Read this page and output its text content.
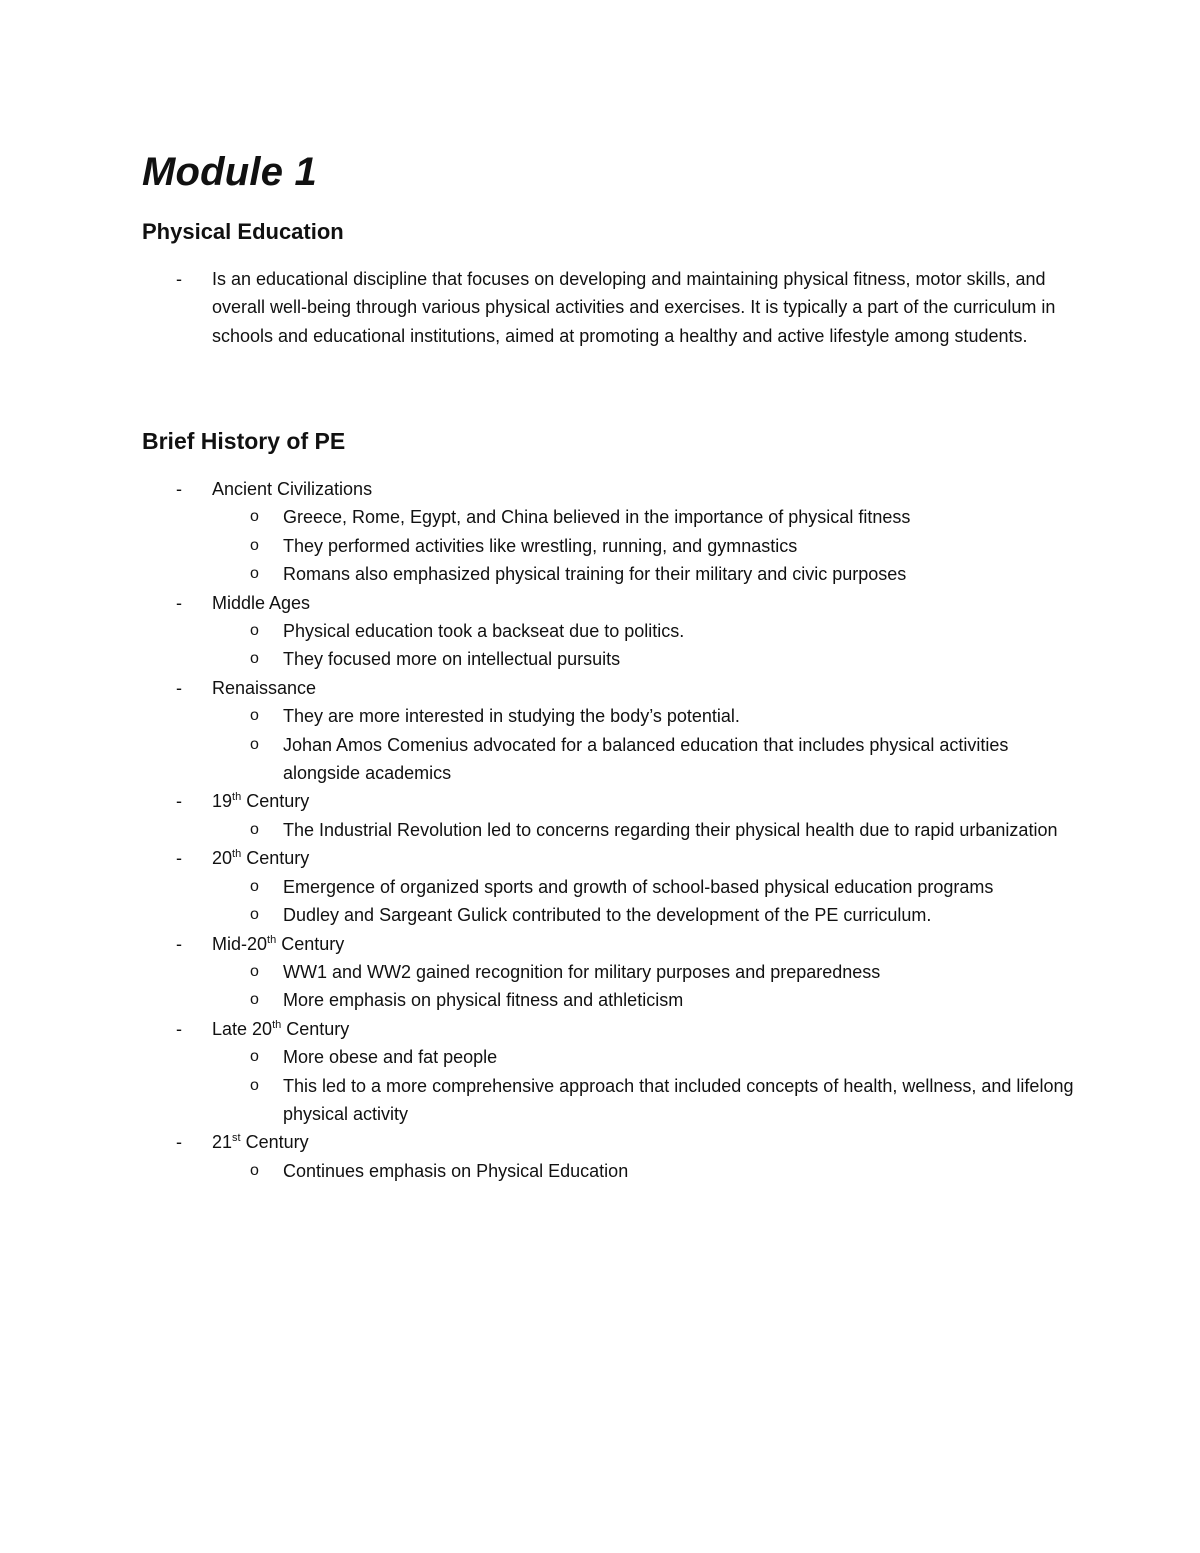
Module 1
Physical Education
- Is an educational discipline that focuses on developing and maintaining physical fitness, motor skills, and overall well-being through various physical activities and exercises. It is typically a part of the curriculum in schools and educational institutions, aimed at promoting a healthy and active lifestyle among students.
Brief History of PE
- Ancient Civilizations
o Greece, Rome, Egypt, and China believed in the importance of physical fitness
o They performed activities like wrestling, running, and gymnastics
o Romans also emphasized physical training for their military and civic purposes
- Middle Ages
o Physical education took a backseat due to politics.
o They focused more on intellectual pursuits
- Renaissance
o They are more interested in studying the body’s potential.
o Johan Amos Comenius advocated for a balanced education that includes physical activities alongside academics
- 19th Century
o The Industrial Revolution led to concerns regarding their physical health due to rapid urbanization
- 20th Century
o Emergence of organized sports and growth of school-based physical education programs
o Dudley and Sargeant Gulick contributed to the development of the PE curriculum.
- Mid-20th Century
o WW1 and WW2 gained recognition for military purposes and preparedness
o More emphasis on physical fitness and athleticism
- Late 20th Century
o More obese and fat people
o This led to a more comprehensive approach that included concepts of health, wellness, and lifelong physical activity
- 21st Century
o Continues emphasis on Physical Education
